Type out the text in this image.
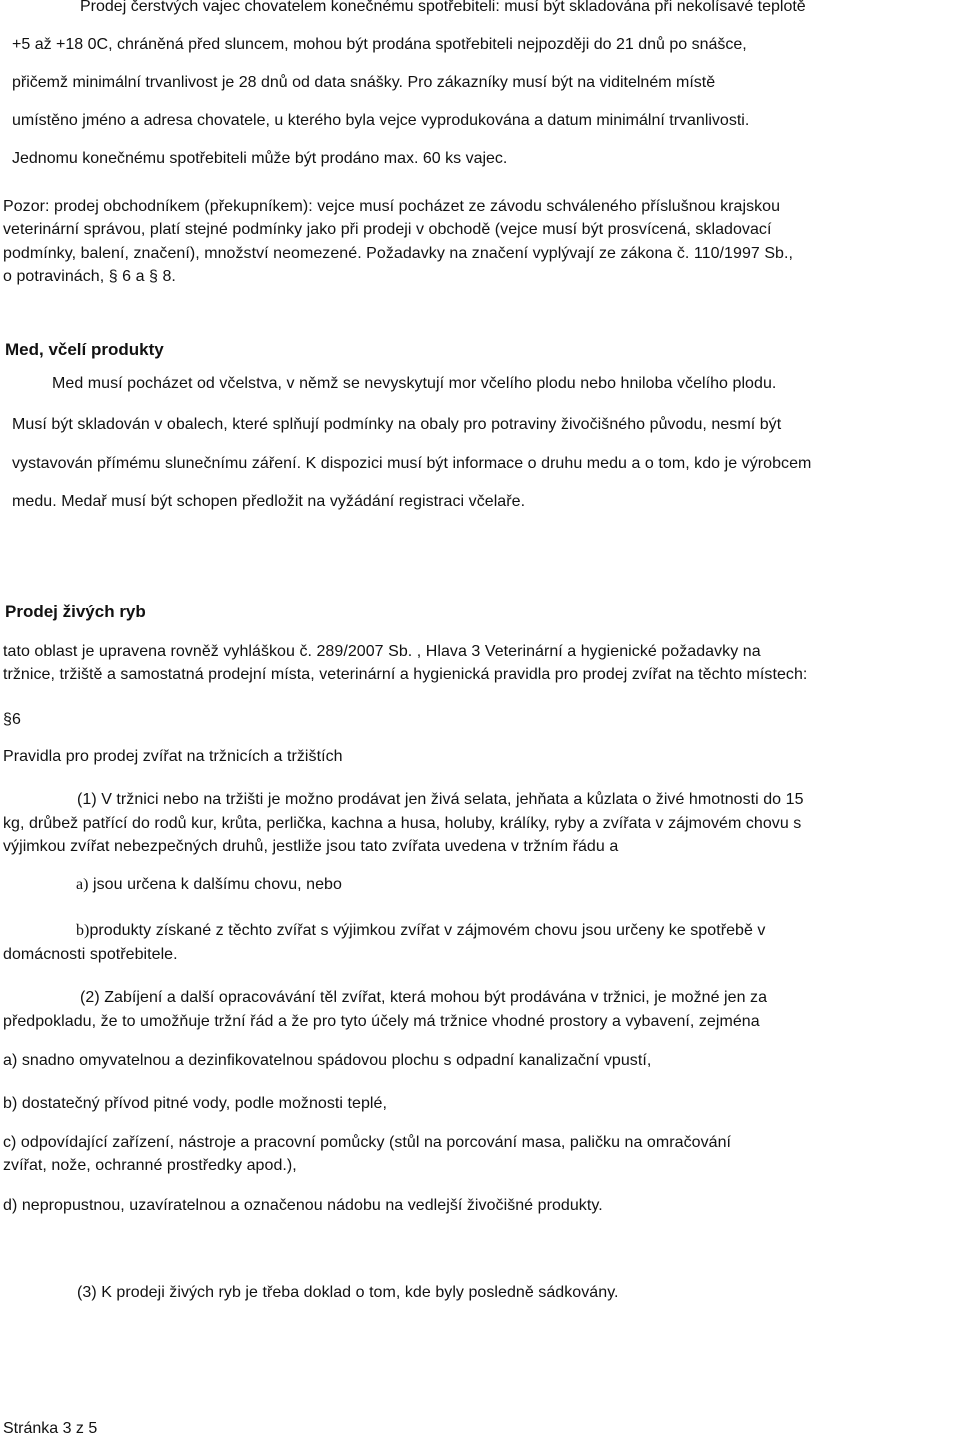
Prodej čerstvých vajec chovatelem konečnému spotřebiteli: musí být skladována při nekolísavé teplotě

+5 až +18 0C, chráněná před sluncem, mohou být prodána spotřebiteli nejpozději do 21 dnů po snášce,

přičemž minimální trvanlivost je 28 dnů od data snášky. Pro zákazníky musí být na viditelném místě

umístěno jméno a adresa chovatele, u kterého byla vejce vyprodukována a datum minimální trvanlivosti.

Jednomu konečnému spotřebiteli může být prodáno max. 60 ks vajec.

Pozor: prodej obchodníkem (překupníkem): vejce musí pocházet ze závodu schváleného příslušnou krajskou

veterinární správou, platí stejné podmínky jako při prodeji v obchodě (vejce musí být prosvícená, skladovací

podmínky, balení, značení), množství neomezené. Požadavky na značení vyplývají ze zákona č. 110/1997 Sb.,

o potravinách, § 6 a § 8.

Med, včelí produkty

Med musí pocházet od včelstva, v němž se nevyskytují mor včelího plodu nebo hniloba včelího plodu.

Musí být skladován v obalech, které splňují podmínky na obaly pro potraviny živočišného původu, nesmí být

vystavován přímému slunečnímu záření. K dispozici musí být informace o druhu medu a o tom, kdo je výrobcem

medu. Medař musí být schopen předložit na vyžádání registraci včelaře.

Prodej živých ryb

tato oblast je upravena rovněž vyhláškou č. 289/2007 Sb. , Hlava 3 Veterinární a hygienické požadavky na

tržnice, tržiště a samostatná prodejní místa, veterinární a hygienická pravidla pro prodej zvířat na těchto místech:

§6

Pravidla pro prodej zvířat na tržnicích a tržištích

(1) V tržnici nebo na tržišti je možno prodávat jen živá selata, jehňata a kůzlata o živé hmotnosti do 15

kg, drůbež patřící do rodů kur, krůta, perlička, kachna a husa, holuby, králíky, ryby a zvířata v zájmovém chovu s

výjimkou zvířat nebezpečných druhů, jestliže jsou tato zvířata uvedena v tržním řádu a

a) jsou určena k dalšímu chovu, nebo

b)produkty získané z těchto zvířat s výjimkou zvířat v zájmovém chovu jsou určeny ke spotřebě v

domácnosti spotřebitele.

(2) Zabíjení a další opracovávání těl zvířat, která mohou být prodávána v tržnici, je možné jen za

předpokladu, že to umožňuje tržní řád a že pro tyto účely má tržnice vhodné prostory a vybavení, zejména

a) snadno omyvatelnou a dezinfikovatelnou spádovou plochu s odpadní kanalizační vpustí,

b) dostatečný přívod pitné vody, podle možnosti teplé,

c) odpovídající zařízení, nástroje a pracovní pomůcky (stůl na porcování masa, paličku na omračování

zvířat, nože, ochranné prostředky apod.),

d) nepropustnou, uzavíratelnou a označenou nádobu na vedlejší živočišné produkty.

(3) K prodeji živých ryb je třeba doklad o tom, kde byly posledně sádkovány.

Stránka 3 z 5
